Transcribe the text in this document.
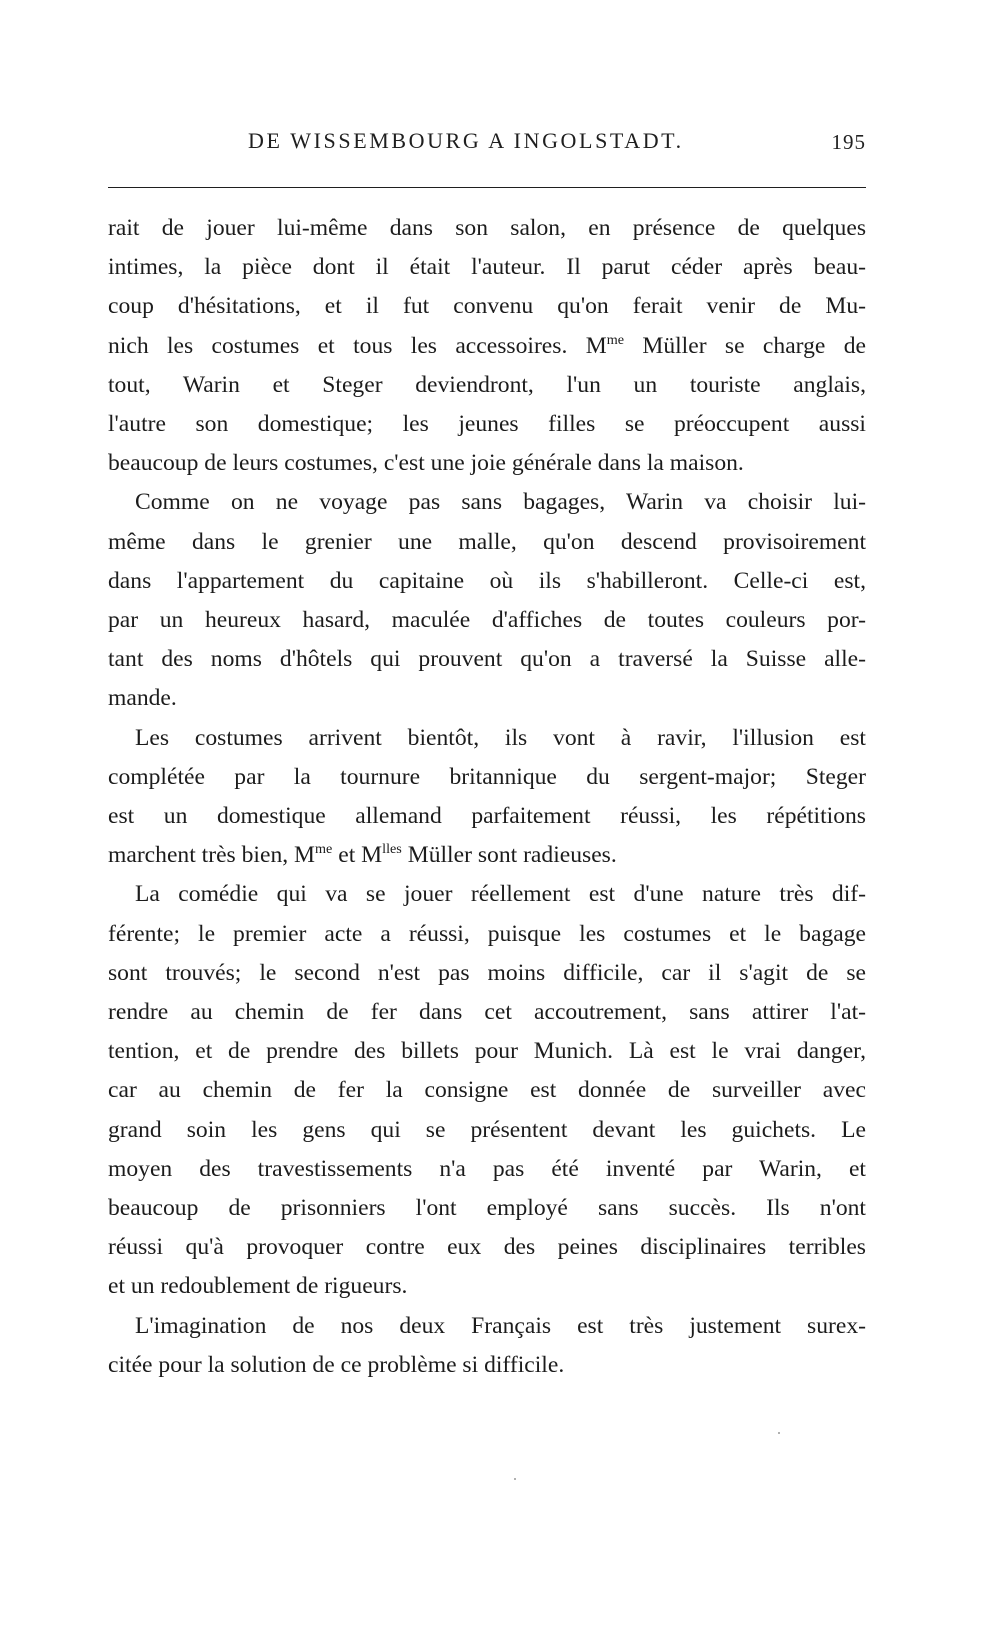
DE WISSEMBOURG A INGOLSTADT.	195
rait de jouer lui-même dans son salon, en présence de quelques
intimes, la pièce dont il était l'auteur. Il parut céder après beau-
coup d'hésitations, et il fut convenu qu'on ferait venir de Mu-
nich les costumes et tous les accessoires. $M^{me}$ Müller se charge de
tout, Warin et Steger deviendront, l'un un touriste anglais,
l'autre son domestique; les jeunes filles se préoccupent aussi
beaucoup de leurs costumes, c'est une joie générale dans la maison.
Comme on ne voyage pas sans bagages, Warin va choisir lui-
même dans le grenier une malle, qu'on descend provisoirement
dans l'appartement du capitaine où ils s'habilleront. Celle-ci est,
par un heureux hasard, maculée d'affiches de toutes couleurs por-
tant des noms d'hôtels qui prouvent qu'on a traversé la Suisse alle-
mande.
Les costumes arrivent bientôt, ils vont à ravir, l'illusion est
complétée par la tournure britannique du sergent-major; Steger
est un domestique allemand parfaitement réussi, les répétitions
marchent très bien, $M^{me}$ et $M^{lles}$ Müller sont radieuses.
La comédie qui va se jouer réellement est d'une nature très dif-
férente; le premier acte a réussi, puisque les costumes et le bagage
sont trouvés; le second n'est pas moins difficile, car il s'agit de se
rendre au chemin de fer dans cet accoutrement, sans attirer l'at-
tention, et de prendre des billets pour Munich. Là est le vrai danger,
car au chemin de fer la consigne est donnée de surveiller avec
grand soin les gens qui se présentent devant les guichets. Le
moyen des travestissements n'a pas été inventé par Warin, et
beaucoup de prisonniers l'ont employé sans succès. Ils n'ont
réussi qu'à provoquer contre eux des peines disciplinaires terribles
et un redoublement de rigueurs.
L'imagination de nos deux Français est très justement surex-
citée pour la solution de ce problème si difficile.
